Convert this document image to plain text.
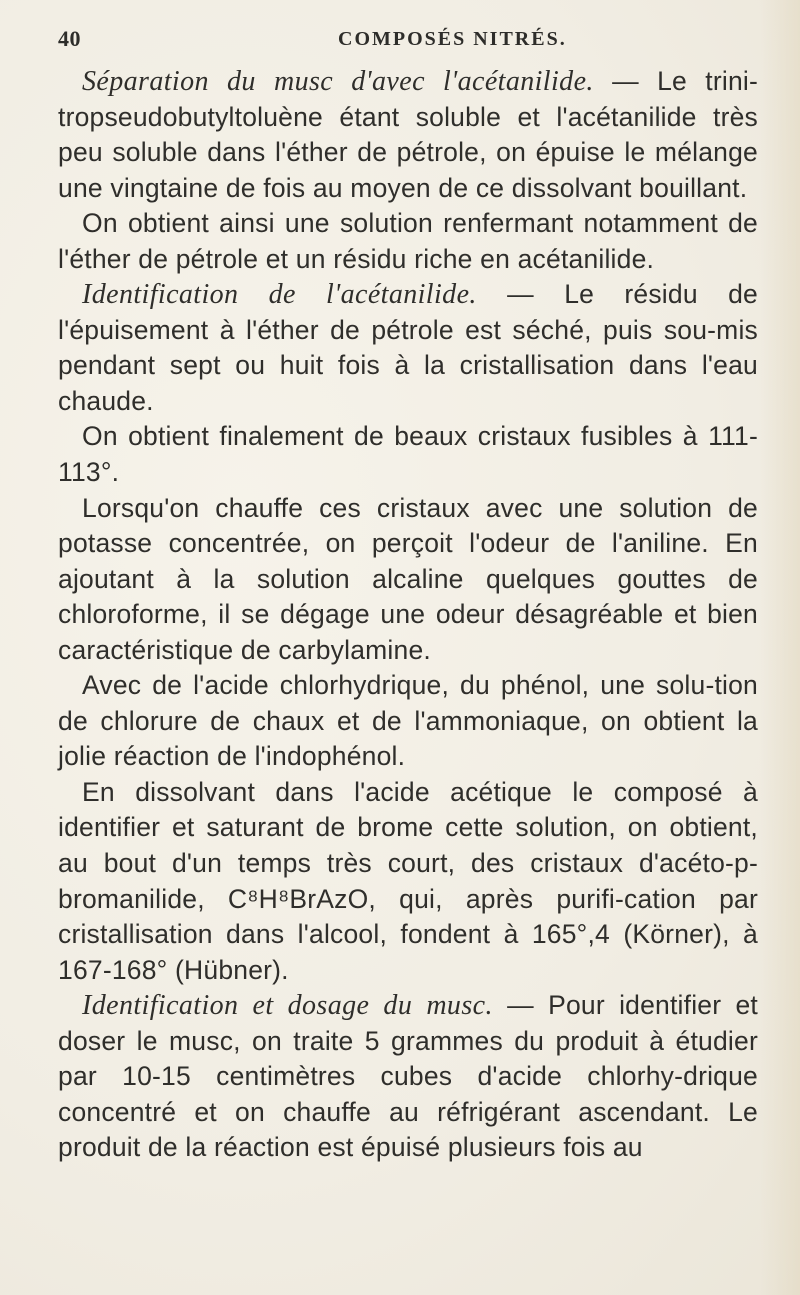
40	COMPOSÉS NITRÉS.

Séparation du musc d'avec l'acétanilide. — Le trini-tropseudobutyltoluène étant soluble et l'acétanilide très peu soluble dans l'éther de pétrole, on épuise le mélange une vingtaine de fois au moyen de ce dissolvant bouillant.

On obtient ainsi une solution renfermant notamment de l'éther de pétrole et un résidu riche en acétanilide.

Identification de l'acétanilide. — Le résidu de l'épuisement à l'éther de pétrole est séché, puis sou-mis pendant sept ou huit fois à la cristallisation dans l'eau chaude.

On obtient finalement de beaux cristaux fusibles à 111-113°.

Lorsqu'on chauffe ces cristaux avec une solution de potasse concentrée, on perçoit l'odeur de l'aniline. En ajoutant à la solution alcaline quelques gouttes de chloroforme, il se dégage une odeur désagréable et bien caractéristique de carbylamine.

Avec de l'acide chlorhydrique, du phénol, une solu-tion de chlorure de chaux et de l'ammoniaque, on obtient la jolie réaction de l'indophénol.

En dissolvant dans l'acide acétique le composé à identifier et saturant de brome cette solution, on obtient, au bout d'un temps très court, des cristaux d'acéto-p-bromanilide, C⁸H⁸BrAzO, qui, après purifi-cation par cristallisation dans l'alcool, fondent à 165°,4 (Körner), à 167-168° (Hübner).

Identification et dosage du musc. — Pour identifier et doser le musc, on traite 5 grammes du produit à étudier par 10-15 centimètres cubes d'acide chlorhy-drique concentré et on chauffe au réfrigérant ascendant. Le produit de la réaction est épuisé plusieurs fois au
